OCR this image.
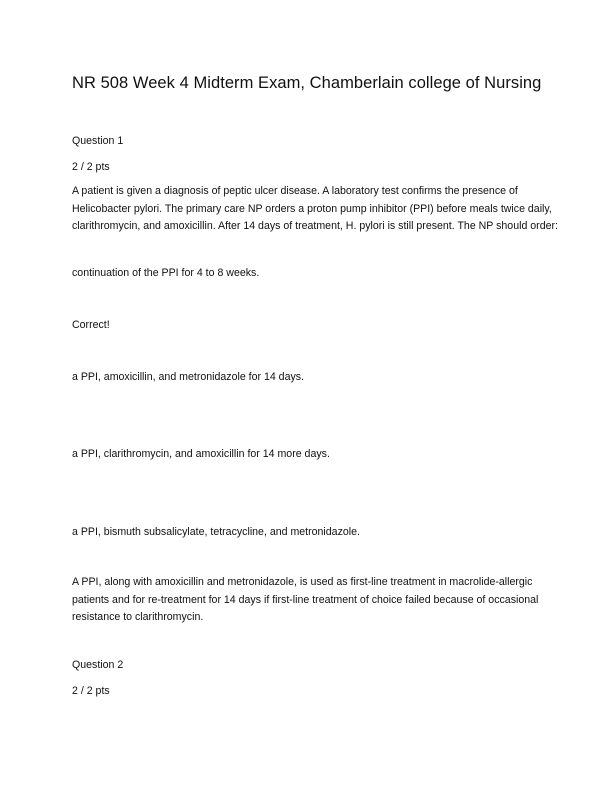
NR 508 Week 4 Midterm Exam, Chamberlain college of Nursing
Question 1
2 / 2 pts
A patient is given a diagnosis of peptic ulcer disease. A laboratory test confirms the presence of
Helicobacter pylori. The primary care NP orders a proton pump inhibitor (PPI) before meals twice daily,
clarithromycin, and amoxicillin. After 14 days of treatment, H. pylori is still present. The NP should order:
continuation of the PPI for 4 to 8 weeks.
Correct!
a PPI, amoxicillin, and metronidazole for 14 days.
a PPI, clarithromycin, and amoxicillin for 14 more days.
a PPI, bismuth subsalicylate, tetracycline, and metronidazole.
A PPI, along with amoxicillin and metronidazole, is used as first-line treatment in macrolide-allergic
patients and for re-treatment for 14 days if first-line treatment of choice failed because of occasional
resistance to clarithromycin.
Question 2
2 / 2 pts
